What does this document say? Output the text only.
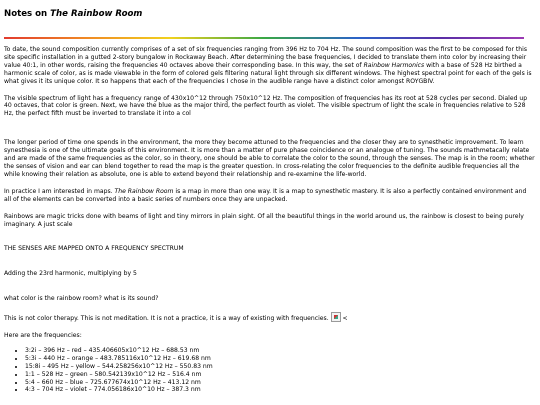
Notes on The Rainbow Room

To date, the sound composition currently comprises of a set of six frequencies ranging from 396 Hz to 704 Hz. The sound composition was the first to be composed for this site specific installation in a gutted 2-story bungalow in Rockaway Beach. After determining the base frequencies, I decided to translate them into color by increasing their value 40:1, in other words, raising the frequencies 40 octaves above their corresponding base. In this way, the set of Rainbow Harmonics with a base of 528 Hz birthed a harmonic scale of color, as is made viewable in the form of colored gels filtering natural light through six different windows. The highest spectral point for each of the gels is what gives it its unique color. It so happens that each of the frequencies I chose in the audible range have a distinct color amongst ROYGBIV.

The visible spectrum of light has a frequency range of 430x10^12 through 750x10^12 Hz. The composition of frequencies has its root at 528 cycles per second. Dialed up 40 octaves, that color is green. Next, we have the blue as the major third, the perfect fourth as violet. The visible spectrum of light the scale in frequencies relative to 528 Hz, the perfect fifth must be inverted to translate it into a col

The longer period of time one spends in the environment, the more they become attuned to the frequencies and the closer they are to synesthetic improvement. To learn synesthesia is one of the ultimate goals of this environment. It is more than a matter of pure phase coincidence or an analogue of tuning. The sounds mathmetacally relate and are made of the same frequencies as the color, so in theory, one should be able to correlate the color to the sound, through the senses. The map is in the room; whether the senses of vision and ear can blend together to read the map is the greater question. In cross-relating the color frequencies to the definite audible frequencies all the while knowing their relation as absolute, one is able to extend beyond their relationship and re-examine the life-world.

In practice I am interested in maps. The Rainbow Room is a map in more than one way. It is a map to synesthetic mastery. It is also a perfectly contained environment and all of the elements can be converted into a basic series of numbers once they are unpacked.

Rainbows are magic tricks done with beams of light and tiny mirrors in plain sight. Of all the beautiful things in the world around us, the rainbow is closest to being purely imaginary. A just scale

THE SENSES ARE MAPPED ONTO A FREQUENCY SPECTRUM

Adding the 23rd harmonic, multiplying by 5

what color is the rainbow room? what is its sound?

This is not color therapy. This is not meditation. It is not a practice, it is a way of existing with frequencies.  <

Here are the frequencies:

• 3:2i – 396 Hz – red – 435.406605x10^12 Hz – 688.53 nm
• 5:3i – 440 Hz – orange – 483.785116x10^12 Hz – 619.68 nm
• 15:8i – 495 Hz – yellow – 544.258256x10^12 Hz – 550.83 nm
• 1:1 – 528 Hz – green – 580.542139x10^12 Hz – 516.4 nm
• 5:4 – 660 Hz – blue – 725.677674x10^12 Hz – 413.12 nm
• 4:3 – 704 Hz – violet – 774.056186x10^10 Hz – 387.3 nm
